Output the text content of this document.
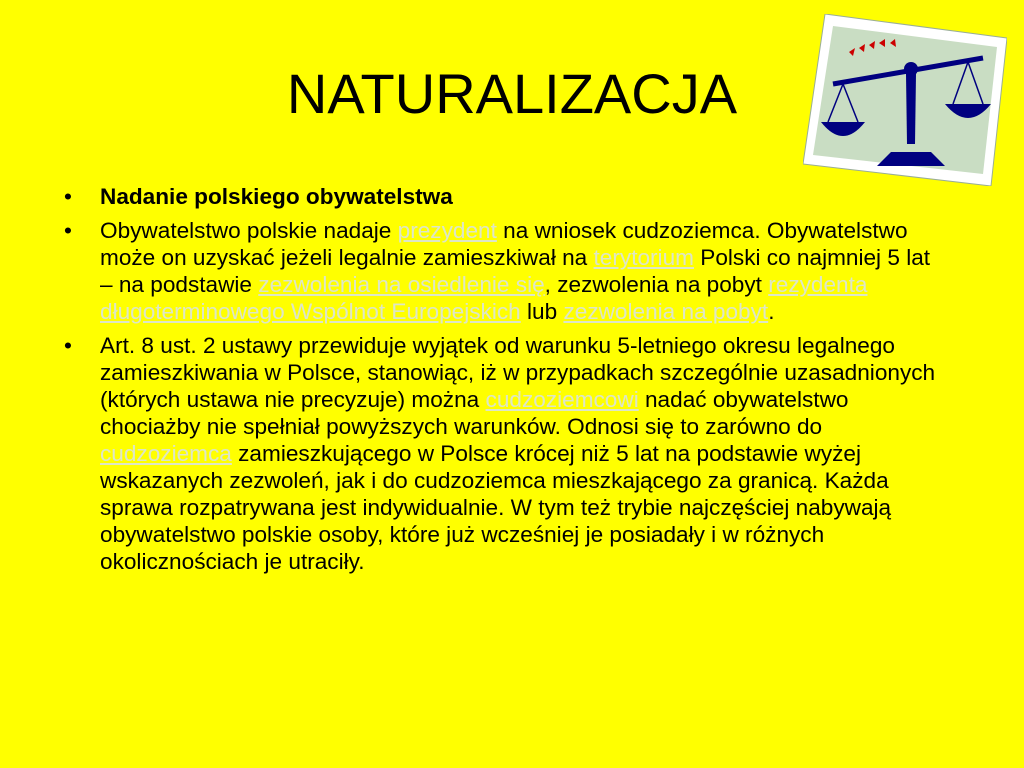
NATURALIZACJA
• Nadanie polskiego obywatelstwa
• Obywatelstwo polskie nadaje prezydent na wniosek cudzoziemca. Obywatelstwo może on uzyskać jeżeli legalnie zamieszkiwał na terytorium Polski co najmniej 5 lat – na podstawie zezwolenia na osiedlenie się, zezwolenia na pobyt rezydenta długoterminowego Wspólnot Europejskich lub zezwolenia na pobyt.
• Art. 8 ust. 2 ustawy przewiduje wyjątek od warunku 5-letniego okresu legalnego zamieszkiwania w Polsce, stanowiąc, iż w przypadkach szczególnie uzasadnionych (których ustawa nie precyzuje) można cudzoziemcowi nadać obywatelstwo chociażby nie spełniał powyższych warunków. Odnosi się to zarówno do cudzoziemca zamieszkującego w Polsce krócej niż 5 lat na podstawie wyżej wskazanych zezwoleń, jak i do cudzoziemca mieszkającego za granicą. Każda sprawa rozpatrywana jest indywidualnie. W tym też trybie najczęściej nabywają obywatelstwo polskie osoby, które już wcześniej je posiadały i w różnych okolicznościach je utraciły.
